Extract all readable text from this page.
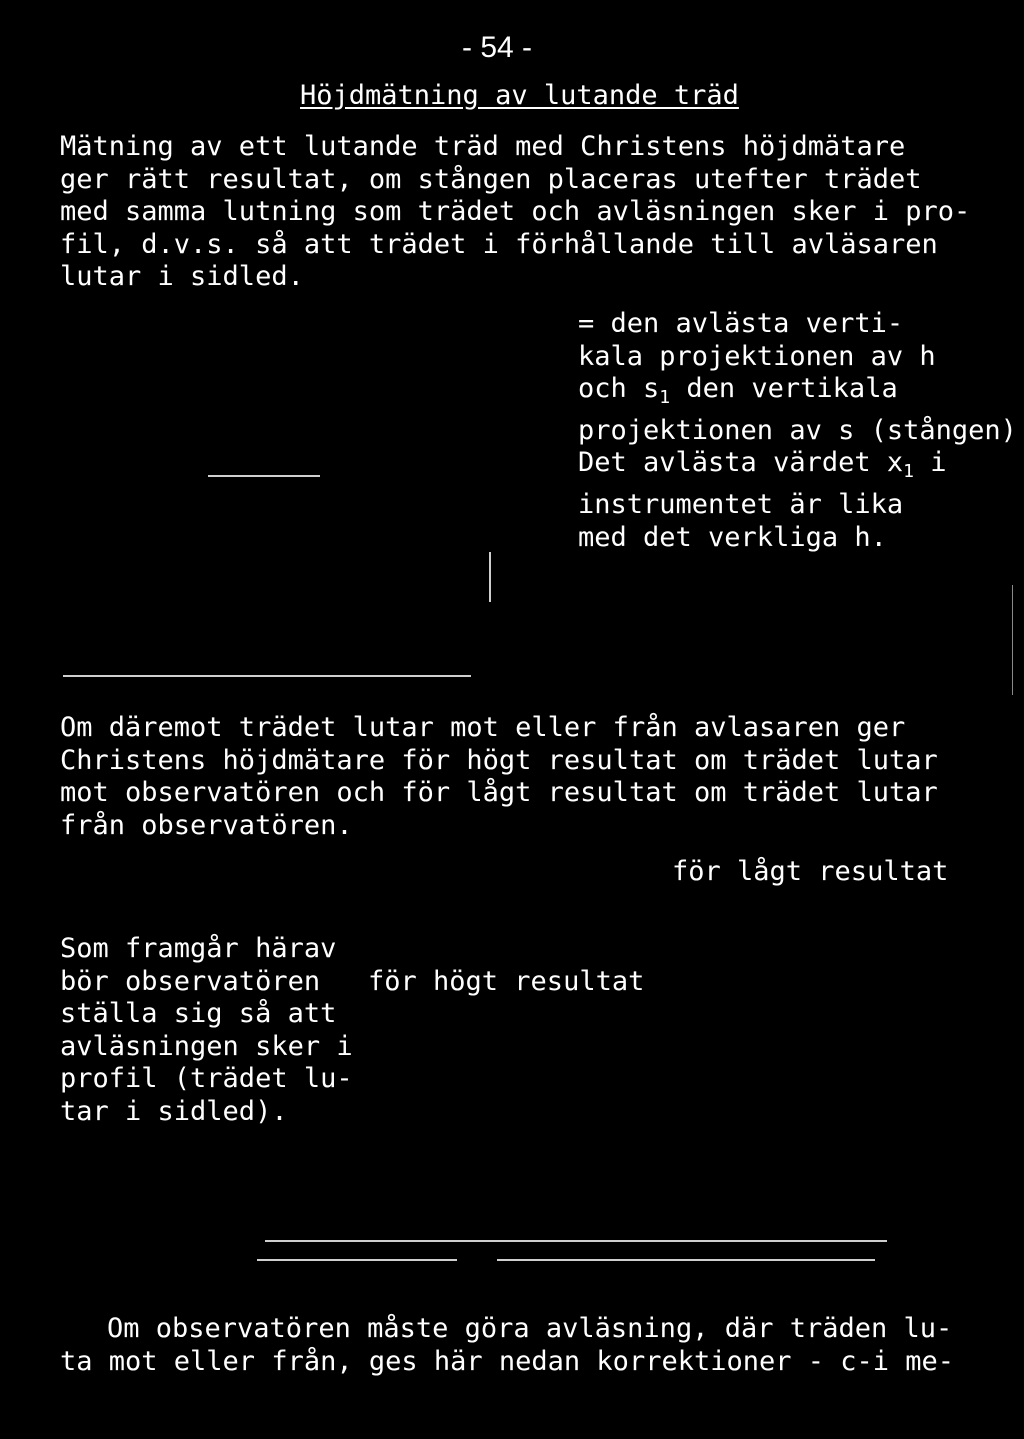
- 54 -
Höjdmätning av lutande träd
Mätning av ett lutande träd med Christens höjdmätare
ger rätt resultat, om stången placeras utefter trädet
med samma lutning som trädet och avläsningen sker i pro-
fil, d.v.s. så att trädet i förhållande till avläsaren
lutar i sidled.
= den avlästa verti-
kala projektionen av h
och $s_1$ den vertikala
projektionen av s (stången)
Det avlästa värdet $x_1$ i
instrumentet är lika
med det verkliga h.
Om däremot trädet lutar mot eller från avlasaren ger
Christens höjdmätare för högt resultat om trädet lutar
mot observatören och för lågt resultat om trädet lutar
från observatören.
för lågt resultat
Som framgår härav
bör observatören
ställa sig så att
avläsningen sker i
profil (trädet lu-
tar i sidled).
för högt resultat
Om observatören måste göra avläsning, där träden lu-
ta mot eller från, ges här nedan korrektioner - c-i me-
